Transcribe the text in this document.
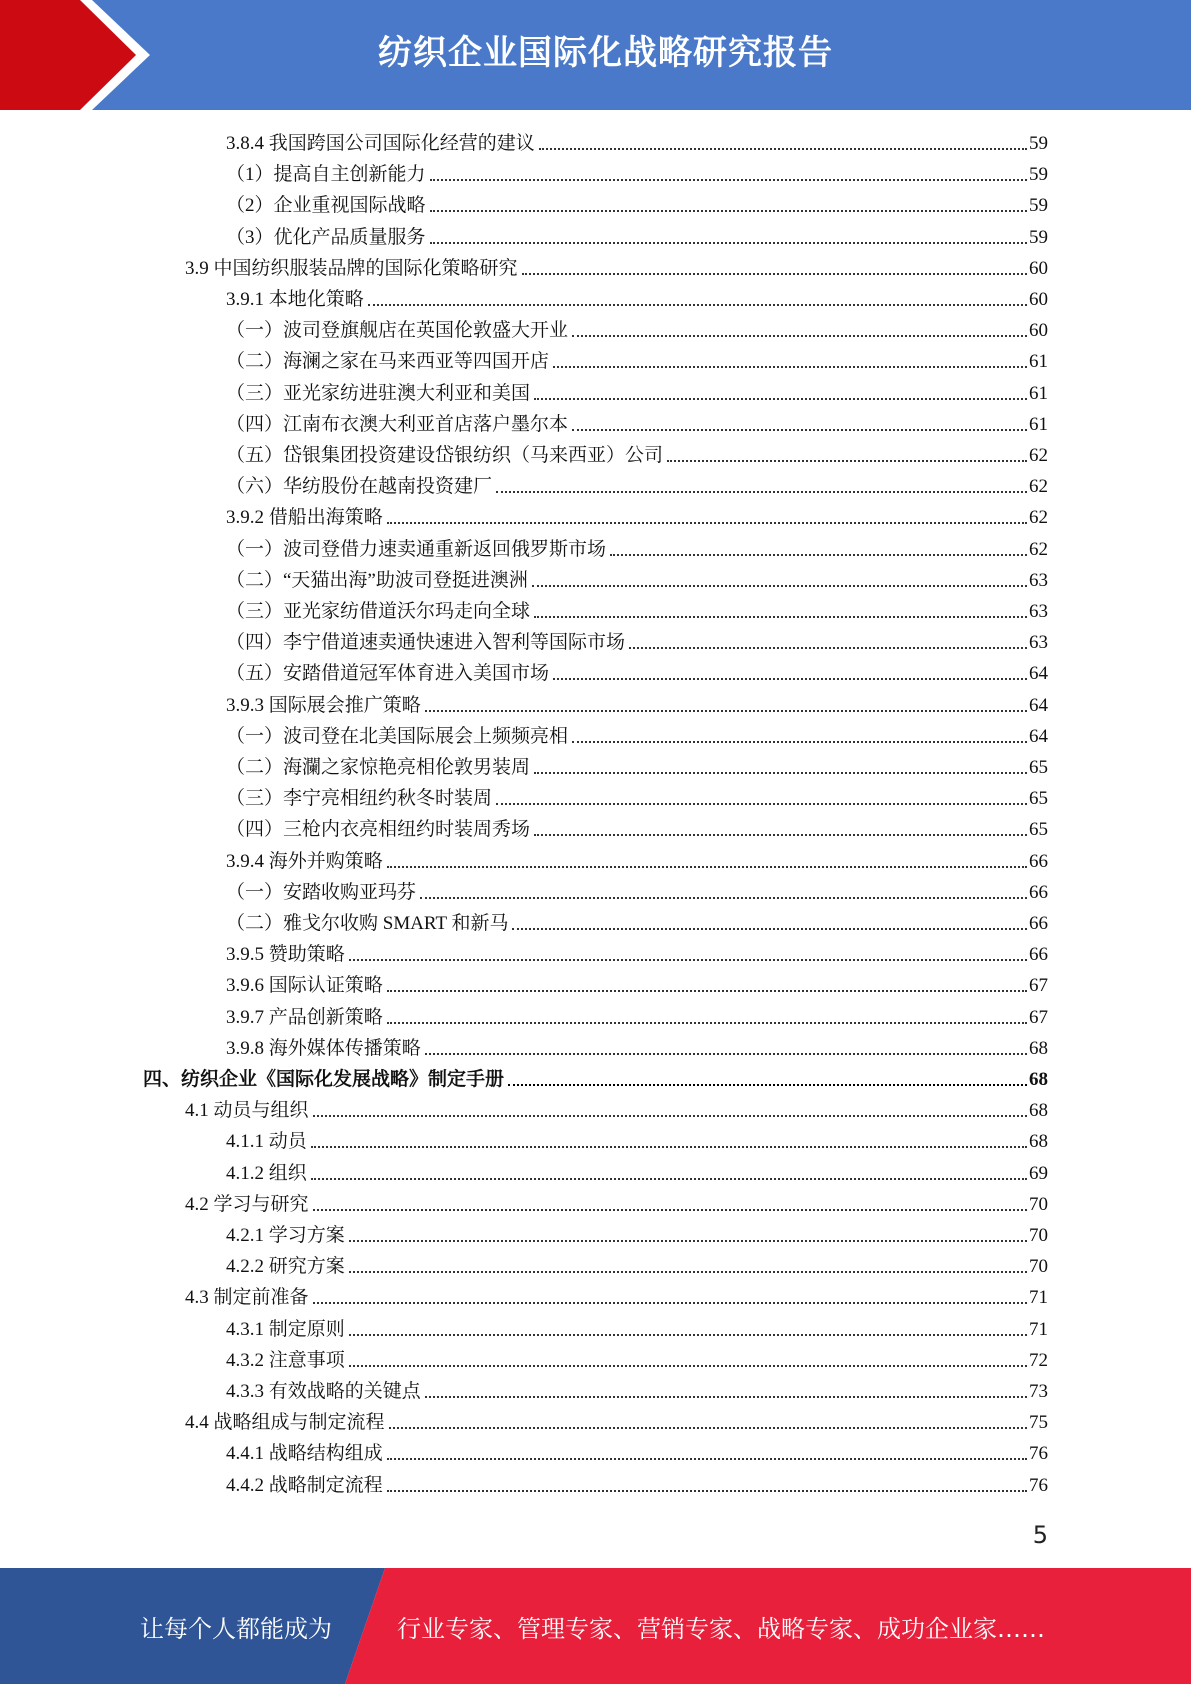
纺织企业国际化战略研究报告
3.8.4 我国跨国公司国际化经营的建议	59
（1）提高自主创新能力	59
（2）企业重视国际战略	59
（3）优化产品质量服务	59
3.9 中国纺织服装品牌的国际化策略研究	60
3.9.1 本地化策略	60
（一）波司登旗舰店在英国伦敦盛大开业	60
（二）海澜之家在马来西亚等四国开店	61
（三）亚光家纺进驻澳大利亚和美国	61
（四）江南布衣澳大利亚首店落户墨尔本	61
（五）岱银集团投资建设岱银纺织（马来西亚）公司	62
（六）华纺股份在越南投资建厂	62
3.9.2 借船出海策略	62
（一）波司登借力速卖通重新返回俄罗斯市场	62
（二）“天猫出海”助波司登挺进澳洲	63
（三）亚光家纺借道沃尔玛走向全球	63
（四）李宁借道速卖通快速进入智利等国际市场	63
（五）安踏借道冠军体育进入美国市场	64
3.9.3 国际展会推广策略	64
（一）波司登在北美国际展会上频频亮相	64
（二）海瀾之家惊艳亮相伦敦男装周	65
（三）李宁亮相纽约秋冬时装周	65
（四）三枪内衣亮相纽约时装周秀场	65
3.9.4 海外并购策略	66
（一）安踏收购亚玛芬	66
（二）雅戈尔收购 SMART 和新马	66
3.9.5 赞助策略	66
3.9.6 国际认证策略	67
3.9.7 产品创新策略	67
3.9.8 海外媒体传播策略	68
四、纺织企业《国际化发展战略》制定手册	68
4.1 动员与组织	68
4.1.1 动员	68
4.1.2 组织	69
4.2 学习与研究	70
4.2.1 学习方案	70
4.2.2 研究方案	70
4.3 制定前准备	71
4.3.1 制定原则	71
4.3.2 注意事项	72
4.3.3 有效战略的关键点	73
4.4 战略组成与制定流程	75
4.4.1 战略结构组成	76
4.4.2 战略制定流程	76
5
让每个人都能成为	行业专家、管理专家、营销专家、战略专家、成功企业家……
